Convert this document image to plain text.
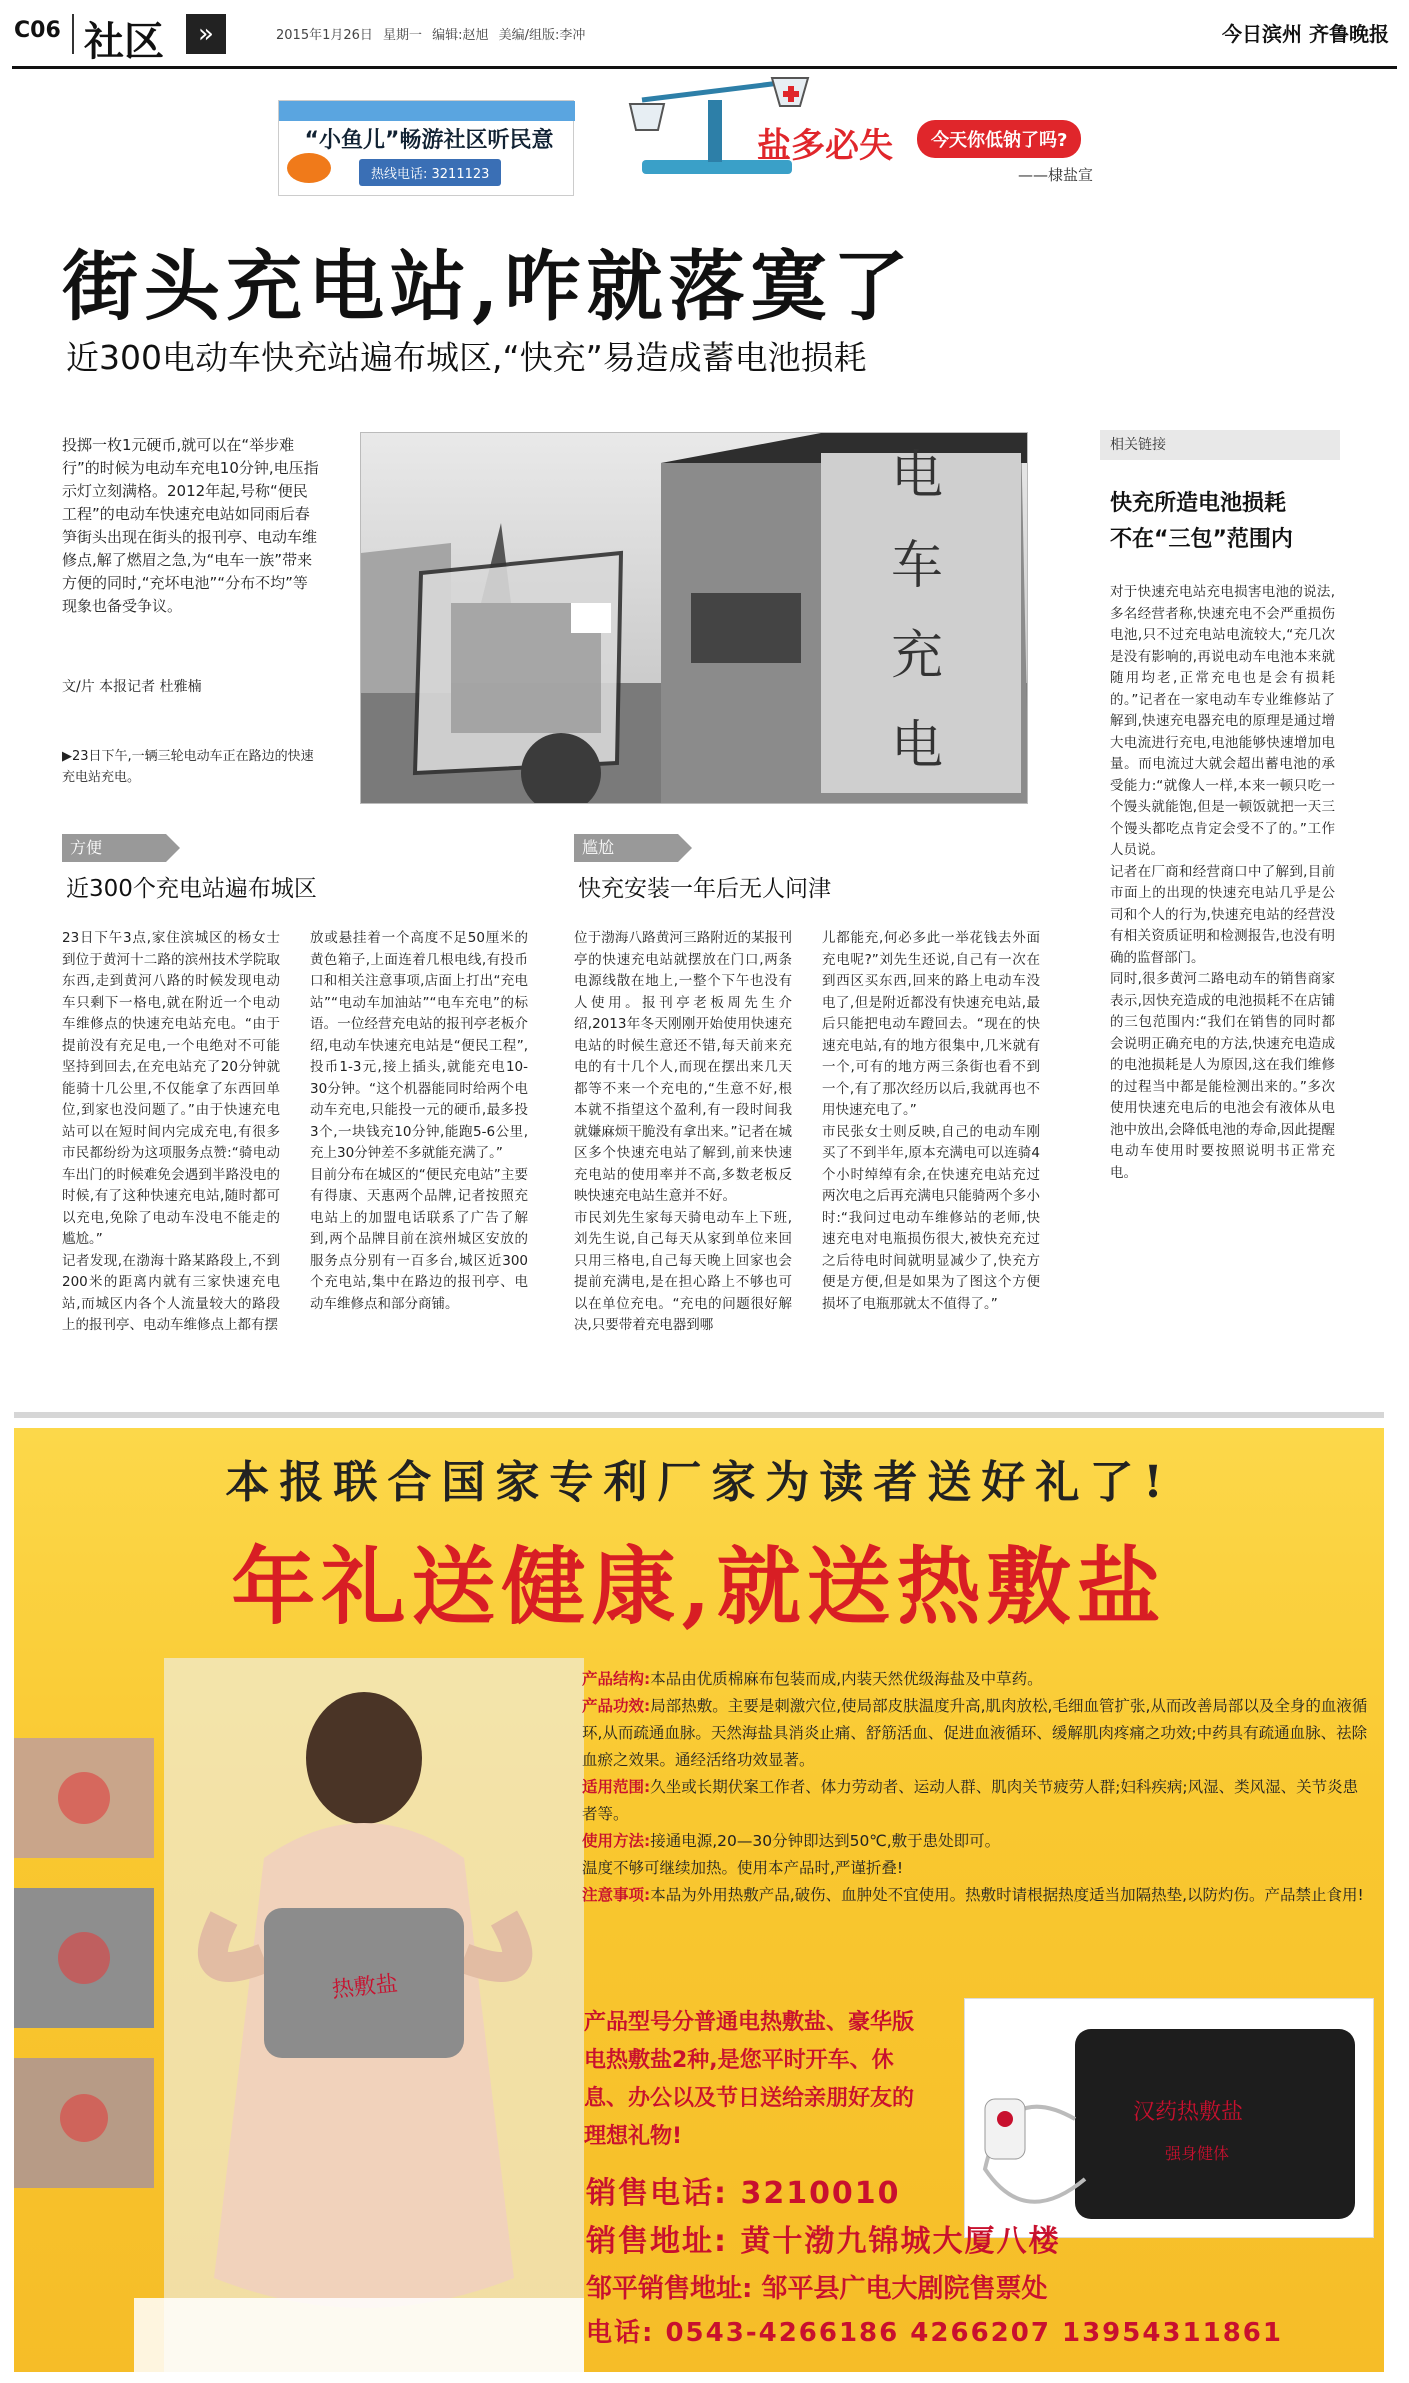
C06 社区	»	2015年1月26日 星期一 编辑:赵旭 美编/组版:李冲	今日滨州 齐鲁晚报
“小鱼儿”畅游社区听民意
热线电话: 3211123
盐多必失	今天你低钠了吗?
——棣盐宣
街头充电站,咋就落寞了
近300电动车快充站遍布城区,“快充”易造成蓄电池损耗
投掷一枚1元硬币,就可以在“举步难行”的时候为电动车充电10分钟,电压指示灯立刻满格。2012年起,号称“便民工程”的电动车快速充电站如同雨后春笋街头出现在街头的报刊亭、电动车维修点,解了燃眉之急,为“电车一族”带来方便的同时,“充坏电池”“分布不均”等现象也备受争议。
文/片 本报记者 杜雅楠
▶23日下午,一辆三轮电动车正在路边的快速充电站充电。
电
车
充
电
相关链接
快充所造电池损耗
不在“三包”范围内
对于快速充电站充电损害电池的说法,多名经营者称,快速充电不会严重损伤电池,只不过充电站电流较大,“充几次是没有影响的,再说电动车电池本来就随用均老,正常充电也是会有损耗的。”记者在一家电动车专业维修站了解到,快速充电器充电的原理是通过增大电流进行充电,电池能够快速增加电量。而电流过大就会超出蓄电池的承受能力:“就像人一样,本来一顿只吃一个馒头就能饱,但是一顿饭就把一天三个馒头都吃点肯定会受不了的。”工作人员说。
记者在厂商和经营商口中了解到,目前市面上的出现的快速充电站几乎是公司和个人的行为,快速充电站的经营没有相关资质证明和检测报告,也没有明确的监督部门。
同时,很多黄河二路电动车的销售商家表示,因快充造成的电池损耗不在店铺的三包范围内:“我们在销售的同时都会说明正确充电的方法,快速充电造成的电池损耗是人为原因,这在我们维修的过程当中都是能检测出来的。”多次使用快速充电后的电池会有液体从电池中放出,会降低电池的寿命,因此提醒电动车使用时要按照说明书正常充电。
方便
近300个充电站遍布城区
尴尬
快充安装一年后无人问津
23日下午3点,家住滨城区的杨女士到位于黄河十二路的滨州技术学院取东西,走到黄河八路的时候发现电动车只剩下一格电,就在附近一个电动车维修点的快速充电站充电。“由于提前没有充足电,一个电绝对不可能坚持到回去,在充电站充了20分钟就能骑十几公里,不仅能拿了东西回单位,到家也没问题了。”由于快速充电站可以在短时间内完成充电,有很多市民都纷纷为这项服务点赞:“骑电动车出门的时候难免会遇到半路没电的时候,有了这种快速充电站,随时都可以充电,免除了电动车没电不能走的尴尬。”
记者发现,在渤海十路某路段上,不到200米的距离内就有三家快速充电站,而城区内各个人流量较大的路段上的报刊亭、电动车维修点上都有摆
放或悬挂着一个高度不足50厘米的黄色箱子,上面连着几根电线,有投币口和相关注意事项,店面上打出“充电站”“电动车加油站”“电车充电”的标语。一位经营充电站的报刊亭老板介绍,电动车快速充电站是“便民工程”,投币1-3元,接上插头,就能充电10-30分钟。“这个机器能同时给两个电动车充电,只能投一元的硬币,最多投3个,一块钱充10分钟,能跑5-6公里,充上30分钟差不多就能充满了。”
目前分布在城区的“便民充电站”主要有得康、天惠两个品牌,记者按照充电站上的加盟电话联系了广告了解到,两个品牌目前在滨州城区安放的服务点分别有一百多台,城区近300个充电站,集中在路边的报刊亭、电动车维修点和部分商铺。
位于渤海八路黄河三路附近的某报刊亭的快速充电站就摆放在门口,两条电源线散在地上,一整个下午也没有人使用。报刊亭老板周先生介绍,2013年冬天刚刚开始使用快速充电站的时候生意还不错,每天前来充电的有十几个人,而现在摆出来几天都等不来一个充电的,“生意不好,根本就不指望这个盈利,有一段时间我就嫌麻烦干脆没有拿出来。”记者在城区多个快速充电站了解到,前来快速充电站的使用率并不高,多数老板反映快速充电站生意并不好。
市民刘先生家每天骑电动车上下班,刘先生说,自己每天从家到单位来回只用三格电,自己每天晚上回家也会提前充满电,是在担心路上不够也可以在单位充电。“充电的问题很好解决,只要带着充电器到哪
儿都能充,何必多此一举花钱去外面充电呢?”刘先生还说,自己有一次在到西区买东西,回来的路上电动车没电了,但是附近都没有快速充电站,最后只能把电动车蹬回去。“现在的快速充电站,有的地方很集中,几米就有一个,可有的地方两三条街也看不到一个,有了那次经历以后,我就再也不用快速充电了。”
市民张女士则反映,自己的电动车刚买了不到半年,原本充满电可以连骑4个小时绰绰有余,在快速充电站充过两次电之后再充满电只能骑两个多小时:“我问过电动车维修站的老师,快速充电对电瓶损伤很大,被快充充过之后待电时间就明显减少了,快充方便是方便,但是如果为了图这个方便损坏了电瓶那就太不值得了。”
本报联合国家专利厂家为读者送好礼了!
年礼送健康,就送热敷盐
热敷盐
产品结构:本品由优质棉麻布包装而成,内装天然优级海盐及中草药。
产品功效:局部热敷。主要是刺激穴位,使局部皮肤温度升高,肌肉放松,毛细血管扩张,从而改善局部以及全身的血液循环,从而疏通血脉。天然海盐具消炎止痛、舒筋活血、促进血液循环、缓解肌肉疼痛之功效;中药具有疏通血脉、祛除血瘀之效果。通经活络功效显著。
适用范围:久坐或长期伏案工作者、体力劳动者、运动人群、肌肉关节疲劳人群;妇科疾病;风湿、类风湿、关节炎患者等。
使用方法:接通电源,20—30分钟即达到50℃,敷于患处即可。
温度不够可继续加热。使用本产品时,严谨折叠!
注意事项:本品为外用热敷产品,破伤、血肿处不宜使用。热敷时请根据热度适当加隔热垫,以防灼伤。产品禁止食用!
产品型号分普通电热敷盐、豪华版电热敷盐2种,是您平时开车、休息、办公以及节日送给亲朋好友的理想礼物!
汉药热敷盐
强身健体
销售电话: 3210010
销售地址: 黄十渤九锦城大厦八楼
邹平销售地址: 邹平县广电大剧院售票处
电话: 0543-4266186 4266207 13954311861
